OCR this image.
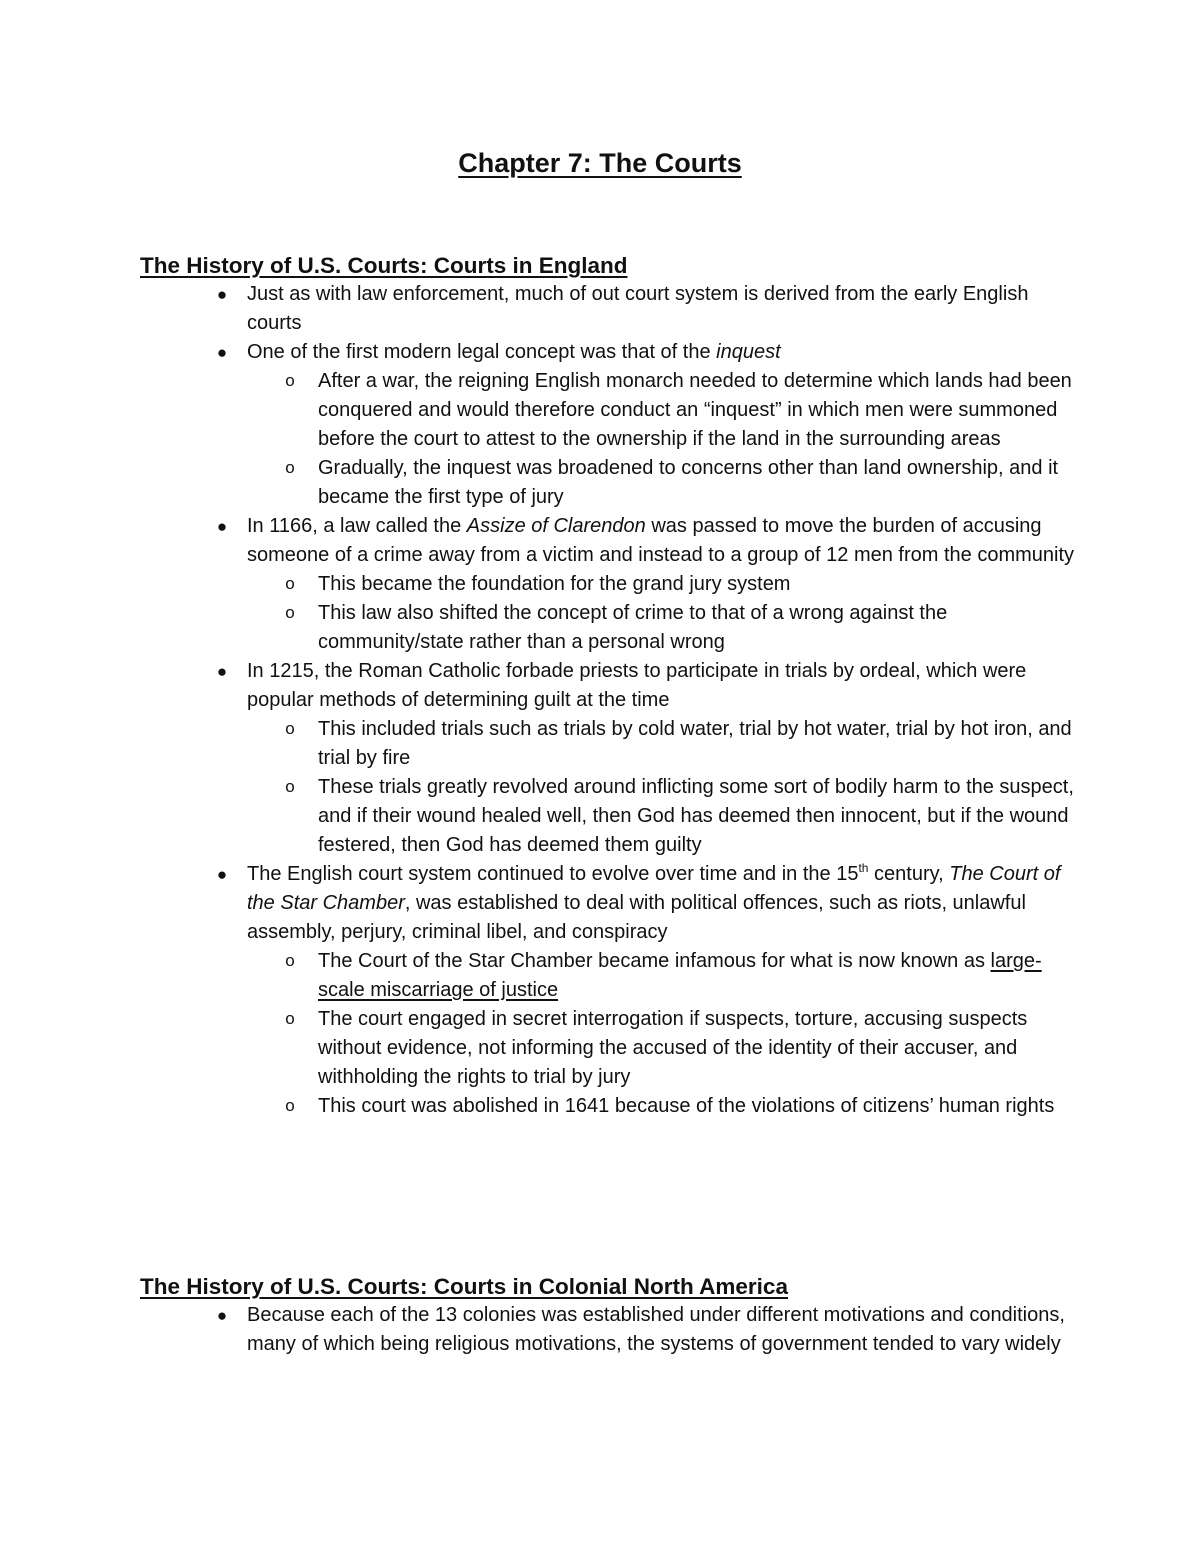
Chapter 7: The Courts
The History of U.S. Courts: Courts in England
● Just as with law enforcement, much of out court system is derived from the early English courts
● One of the first modern legal concept was that of the inquest
o After a war, the reigning English monarch needed to determine which lands had been conquered and would therefore conduct an “inquest” in which men were summoned before the court to attest to the ownership if the land in the surrounding areas
o Gradually, the inquest was broadened to concerns other than land ownership, and it became the first type of jury
● In 1166, a law called the Assize of Clarendon was passed to move the burden of accusing someone of a crime away from a victim and instead to a group of 12 men from the community
o This became the foundation for the grand jury system
o This law also shifted the concept of crime to that of a wrong against the community/state rather than a personal wrong
● In 1215, the Roman Catholic forbade priests to participate in trials by ordeal, which were popular methods of determining guilt at the time
o This included trials such as trials by cold water, trial by hot water, trial by hot iron, and trial by fire
o These trials greatly revolved around inflicting some sort of bodily harm to the suspect, and if their wound healed well, then God has deemed then innocent, but if the wound festered, then God has deemed them guilty
● The English court system continued to evolve over time and in the 15th century, The Court of the Star Chamber, was established to deal with political offences, such as riots, unlawful assembly, perjury, criminal libel, and conspiracy
o The Court of the Star Chamber became infamous for what is now known as large-scale miscarriage of justice
o The court engaged in secret interrogation if suspects, torture, accusing suspects without evidence, not informing the accused of the identity of their accuser, and withholding the rights to trial by jury
o This court was abolished in 1641 because of the violations of citizens’ human rights
The History of U.S. Courts: Courts in Colonial North America
● Because each of the 13 colonies was established under different motivations and conditions, many of which being religious motivations, the systems of government tended to vary widely
